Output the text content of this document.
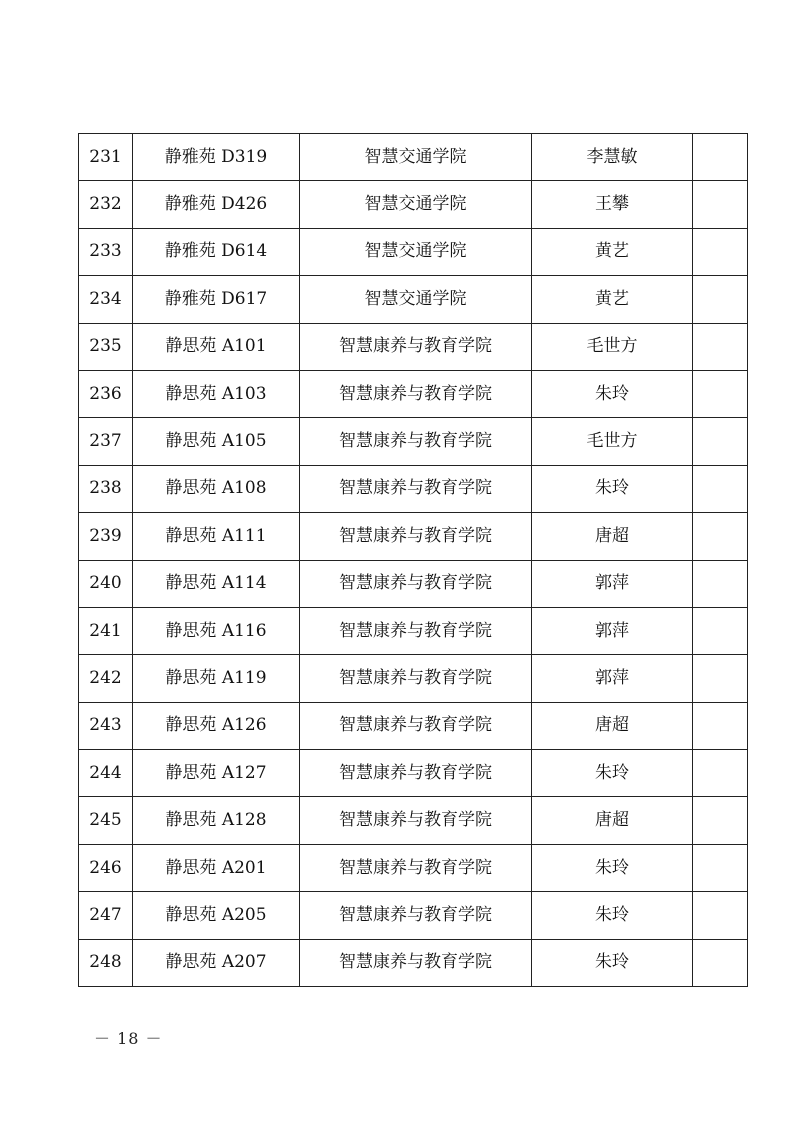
231	静雅苑 D319	智慧交通学院	李慧敏	
232	静雅苑 D426	智慧交通学院	王攀	
233	静雅苑 D614	智慧交通学院	黄艺	
234	静雅苑 D617	智慧交通学院	黄艺	
235	静思苑 A101	智慧康养与教育学院	毛世方	
236	静思苑 A103	智慧康养与教育学院	朱玲	
237	静思苑 A105	智慧康养与教育学院	毛世方	
238	静思苑 A108	智慧康养与教育学院	朱玲	
239	静思苑 A111	智慧康养与教育学院	唐超	
240	静思苑 A114	智慧康养与教育学院	郭萍	
241	静思苑 A116	智慧康养与教育学院	郭萍	
242	静思苑 A119	智慧康养与教育学院	郭萍	
243	静思苑 A126	智慧康养与教育学院	唐超	
244	静思苑 A127	智慧康养与教育学院	朱玲	
245	静思苑 A128	智慧康养与教育学院	唐超	
246	静思苑 A201	智慧康养与教育学院	朱玲	
247	静思苑 A205	智慧康养与教育学院	朱玲	
248	静思苑 A207	智慧康养与教育学院	朱玲	
－ 18 －
